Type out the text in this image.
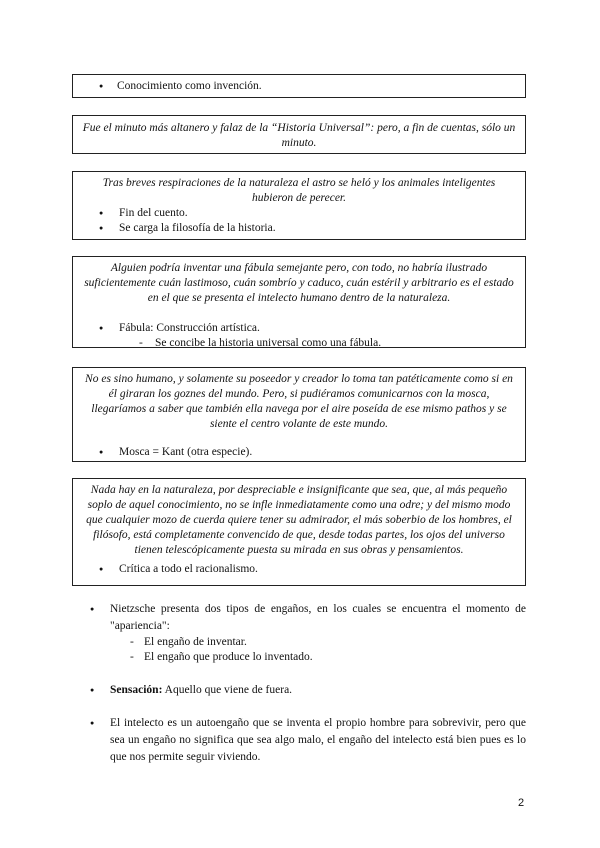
● Conocimiento como invención.
Fue el minuto más altanero y falaz de la “Historia Universal”: pero, a fin de cuentas, sólo un minuto.
Tras breves respiraciones de la naturaleza el astro se heló y los animales inteligentes hubieron de perecer.
● Fin del cuento.
● Se carga la filosofía de la historia.
Alguien podría inventar una fábula semejante pero, con todo, no habría ilustrado suficientemente cuán lastimoso, cuán sombrío y caduco, cuán estéril y arbitrario es el estado en el que se presenta el intelecto humano dentro de la naturaleza.
● Fábula: Construcción artística.
- Se concibe la historia universal como una fábula.
No es sino humano, y solamente su poseedor y creador lo toma tan patéticamente como si en él giraran los goznes del mundo. Pero, si pudiéramos comunicarnos con la mosca, llegaríamos a saber que también ella navega por el aire poseída de ese mismo pathos y se siente el centro volante de este mundo.
● Mosca = Kant (otra especie).
Nada hay en la naturaleza, por despreciable e insignificante que sea, que, al más pequeño soplo de aquel conocimiento, no se infle inmediatamente como una odre; y del mismo modo que cualquier mozo de cuerda quiere tener su admirador, el más soberbio de los hombres, el filósofo, está completamente convencido de que, desde todas partes, los ojos del universo tienen telescópicamente puesta su mirada en sus obras y pensamientos.
● Crítica a todo el racionalismo.
● Nietzsche presenta dos tipos de engaños, en los cuales se encuentra el momento de "apariencia":
- El engaño de inventar.
- El engaño que produce lo inventado.
● Sensación: Aquello que viene de fuera.
● El intelecto es un autoengaño que se inventa el propio hombre para sobrevivir, pero que sea un engaño no significa que sea algo malo, el engaño del intelecto está bien pues es lo que nos permite seguir viviendo.
2
